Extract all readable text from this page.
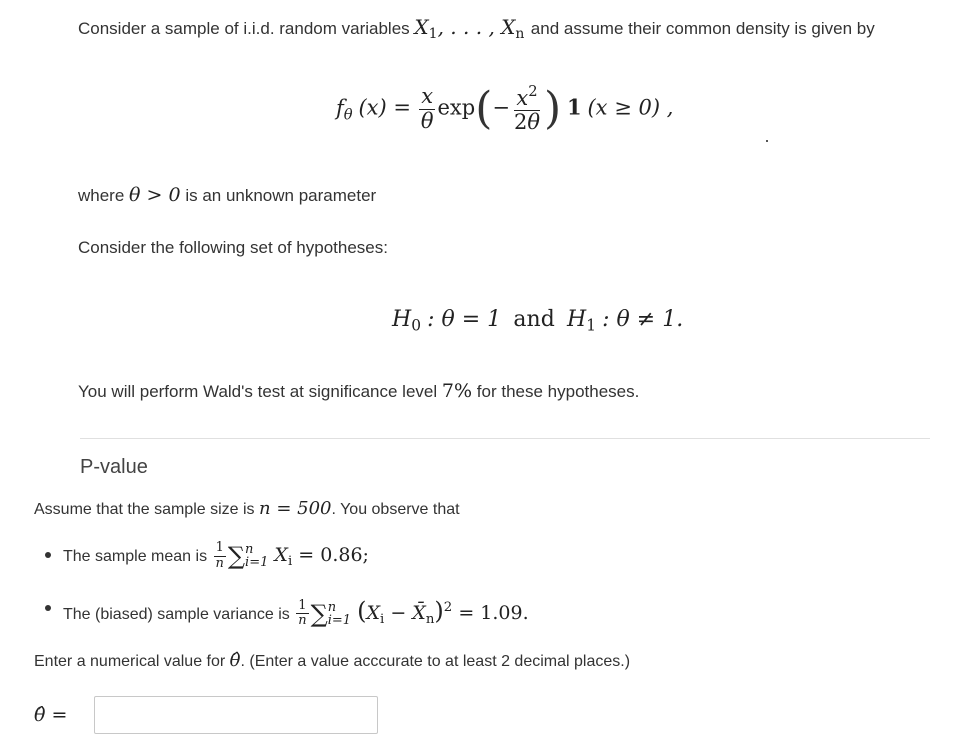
Consider a sample of i.i.d. random variables $X_1$, . . . , $X_n$ and assume their common density is given by
$f_\theta$ $(x) = \frac{x}{\theta} \exp(- \frac{x^2}{2\theta}$ ) 1 (x ≥ 0) ,
where θ > 0 is an unknown parameter
Consider the following set of hypotheses:
$H_0$ : θ = 1 and $H_1$ : θ ≠ 1.
You will perform Wald's test at significance level 7% for these hypotheses.
P-value
Assume that the sample size is n = 500. You observe that
The sample mean is $\frac{1}{n}$ ∑ n
i=1 $X_i = 0.86$;
The (biased) sample variance is $\frac{1}{n}$ ∑ n
i=1 ($X_i$ − $X̄_n)^2 = 1.09$.
Enter a numerical value for θ̂. (Enter a value acccurate to at least 2 decimal places.)
θ̂ =
